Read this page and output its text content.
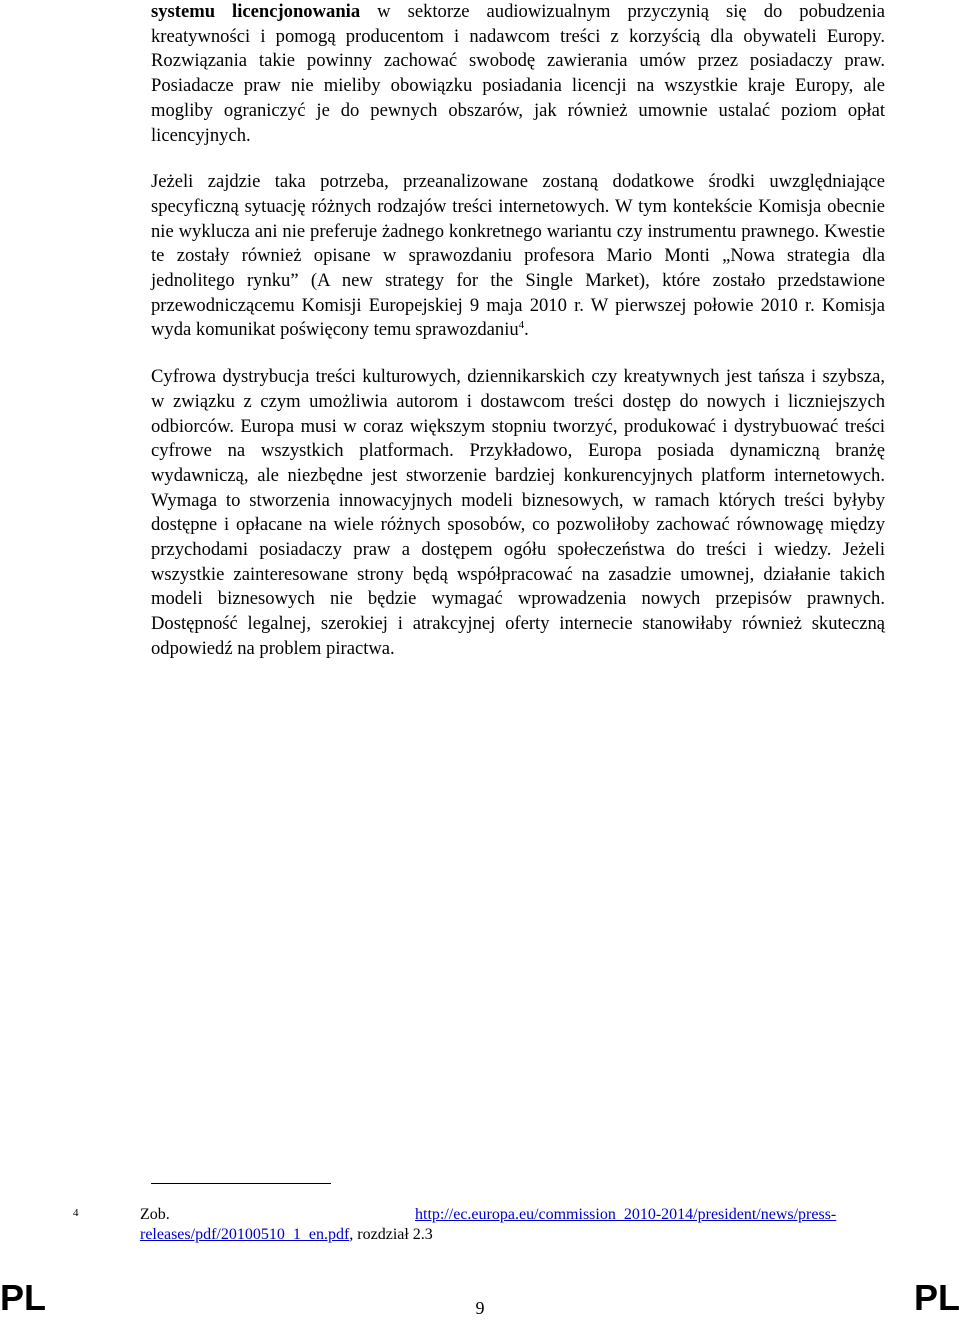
systemu licencjonowania w sektorze audiowizualnym przyczynią się do pobudzenia kreatywności i pomogą producentom i nadawcom treści z korzyścią dla obywateli Europy. Rozwiązania takie powinny zachować swobodę zawierania umów przez posiadaczy praw. Posiadacze praw nie mieliby obowiązku posiadania licencji na wszystkie kraje Europy, ale mogliby ograniczyć je do pewnych obszarów, jak również umownie ustalać poziom opłat licencyjnych.

Jeżeli zajdzie taka potrzeba, przeanalizowane zostaną dodatkowe środki uwzględniające specyficzną sytuację różnych rodzajów treści internetowych. W tym kontekście Komisja obecnie nie wyklucza ani nie preferuje żadnego konkretnego wariantu czy instrumentu prawnego. Kwestie te zostały również opisane w sprawozdaniu profesora Mario Monti „Nowa strategia dla jednolitego rynku” (A new strategy for the Single Market), które zostało przedstawione przewodniczącemu Komisji Europejskiej 9 maja 2010 r. W pierwszej połowie 2010 r. Komisja wyda komunikat poświęcony temu sprawozdaniu$^4$.

Cyfrowa dystrybucja treści kulturowych, dziennikarskich czy kreatywnych jest tańsza i szybsza, w związku z czym umożliwia autorom i dostawcom treści dostęp do nowych i liczniejszych odbiorców. Europa musi w coraz większym stopniu tworzyć, produkować i dystrybuować treści cyfrowe na wszystkich platformach. Przykładowo, Europa posiada dynamiczną branżę wydawniczą, ale niezbędne jest stworzenie bardziej konkurencyjnych platform internetowych. Wymaga to stworzenia innowacyjnych modeli biznesowych, w ramach których treści byłyby dostępne i opłacane na wiele różnych sposobów, co pozwoliłoby zachować równowagę między przychodami posiadaczy praw a dostępem ogółu społeczeństwa do treści i wiedzy. Jeżeli wszystkie zainteresowane strony będą współpracować na zasadzie umownej, działanie takich modeli biznesowych nie będzie wymagać wprowadzenia nowych przepisów prawnych. Dostępność legalnej, szerokiej i atrakcyjnej oferty internecie stanowiłaby również skuteczną odpowiedź na problem piractwa.

4	Zob.	http://ec.europa.eu/commission_2010-2014/president/news/press-
releases/pdf/20100510_1_en.pdf, rozdział 2.3
PL	9	PL
